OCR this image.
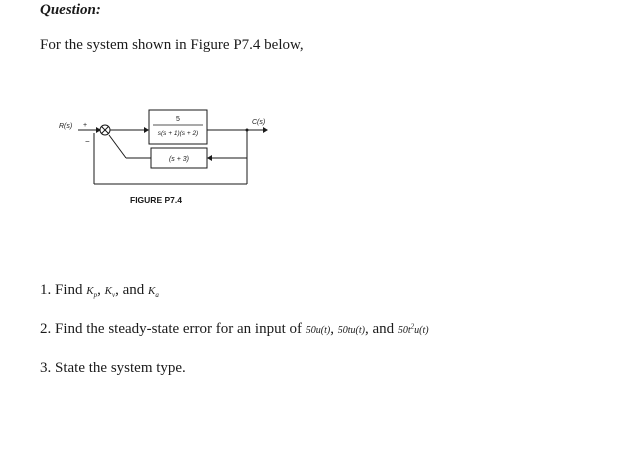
Question:
For the system shown in Figure P7.4 below,
R(s) +
−
5
s(s + 1)(s + 2)
C(s)
(s + 3)
FIGURE P7.4
1. Find $K_p$, $K_v$, and $K_a$
2. Find the steady-state error for an input of 50u(t), 50tu(t), and $50t^2u(t)$
3. State the system type.
